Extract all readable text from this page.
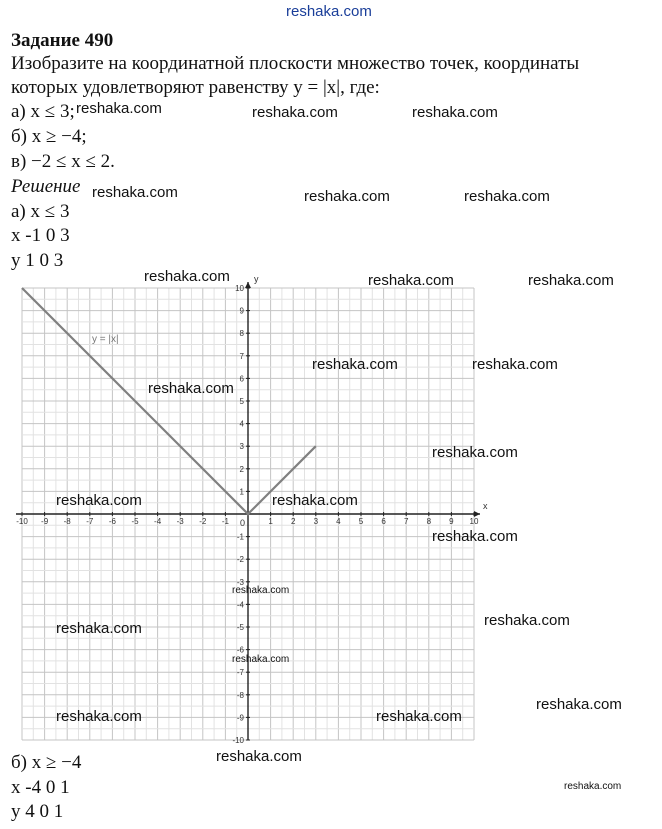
reshaka.com
Задание 490
Изобразите на координатной плоскости множество точек, координаты
которых удовлетворяют равенству y = |x|, где:
а) x ≤ 3;
б) x ≥ −4;
в) −2 ≤ x ≤ 2.
Решение
а) x ≤ 3
x -1 0 3
y 1 0 3
-10 -9 -8 -7 -6 -5 -4 -3 -2 -1	1 2 3 4 5 6 7 8 9 10
-10
-9
-8
-7
-6
-5
-4
-3
-2
-1
1
2
3
4
5
6
7
8
9
10
y = |x|
x
y
0
б) x ≥ −4
x -4 0 1
y 4 0 1
reshaka.com	reshaka.com	reshaka.com
reshaka.com	reshaka.com	reshaka.com
reshaka.com	reshaka.com	reshaka.com
reshaka.com	reshaka.com
reshaka.com
reshaka.com
reshaka.com	reshaka.com
reshaka.com
reshaka.com
reshaka.com
reshaka.com
reshaka.com
reshaka.com
reshaka.com	reshaka.com
reshaka.com
reshaka.com
